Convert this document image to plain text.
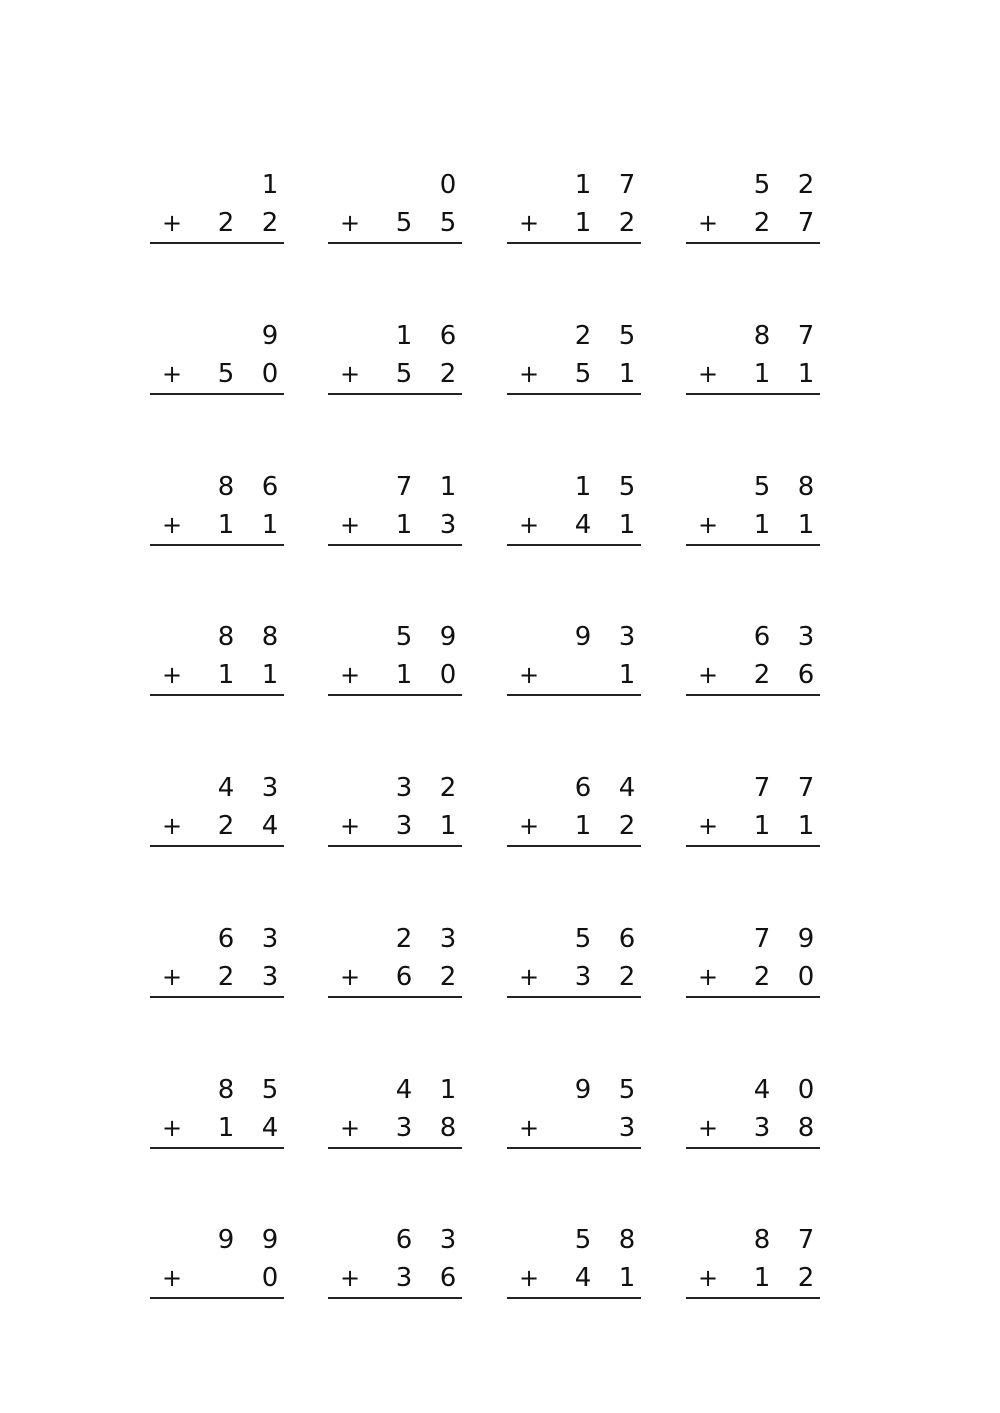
1
+ 2 2
0
+ 5 5
1 7
+ 1 2
5 2
+ 2 7
9
+ 5 0
1 6
+ 5 2
2 5
+ 5 1
8 7
+ 1 1
8 6
+ 1 1
7 1
+ 1 3
1 5
+ 4 1
5 8
+ 1 1
8 8
+ 1 1
5 9
+ 1 0
9 3
+	1
6 3
+ 2 6
4 3
+ 2 4
3 2
+ 3 1
6 4
+ 1 2
7 7
+ 1 1
6 3
+ 2 3
2 3
+ 6 2
5 6
+ 3 2
7 9
+ 2 0
8 5
+ 1 4
4 1
+ 3 8
9 5
+	3
4 0
+ 3 8
9 9
+	0
6 3
+ 3 6
5 8
+ 4 1
8 7
+ 1 2
